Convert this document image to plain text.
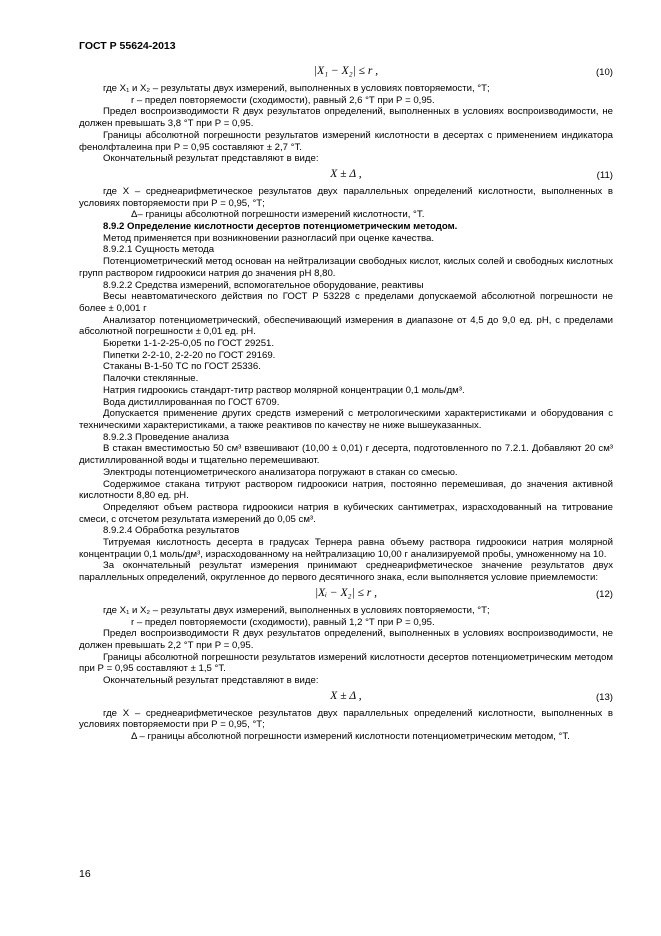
ГОСТ Р 55624-2013
|X₁ − X₂| ≤ r ,	(10)

где X₁ и X₂ – результаты двух измерений, выполненных в условиях повторяемости, °Т;

r – предел повторяемости (сходимости), равный 2,6 °Т при Р = 0,95.

Предел воспроизводимости R двух результатов определений, выполненных в условиях воспроизводимости, не должен превышать 3,8 °Т при Р = 0,95.

Границы абсолютной погрешности результатов измерений кислотности в десертах с применением индикатора фенолфталеина при Р = 0,95 составляют ± 2,7 °Т.

Окончательный результат представляют в виде:

X ± Δ ,	(11)

где X – среднеарифметическое результатов двух параллельных определений кислотности, выполненных в условиях повторяемости при Р = 0,95, °Т;

Δ– границы абсолютной погрешности измерений кислотности, °Т.

8.9.2 Определение кислотности десертов потенциометрическим методом.

Метод применяется при возникновении разногласий при оценке качества.

8.9.2.1 Сущность метода

Потенциометрический метод основан на нейтрализации свободных кислот, кислых солей и свободных кислотных групп раствором гидроокиси натрия до значения рН 8,80.

8.9.2.2 Средства измерений, вспомогательное оборудование, реактивы

Весы неавтоматического действия по ГОСТ Р 53228 с пределами допускаемой абсолютной погрешности не более ± 0,001 г

Анализатор потенциометрический, обеспечивающий измерения в диапазоне от 4,5 до 9,0 ед. рН, с пределами абсолютной погрешности ± 0,01 ед. рН.

Бюретки 1-1-2-25-0,05 по ГОСТ 29251.

Пипетки 2-2-10, 2-2-20 по ГОСТ 29169.

Стаканы В-1-50 ТС по ГОСТ 25336.

Палочки стеклянные.

Натрия гидроокись стандарт-титр раствор молярной концентрации 0,1 моль/дм³.

Вода дистиллированная по ГОСТ 6709.

Допускается применение других средств измерений с метрологическими характеристиками и оборудования с техническими характеристиками, а также реактивов по качеству не ниже вышеуказанных.

8.9.2.3 Проведение анализа

В стакан вместимостью 50 см³ взвешивают (10,00 ± 0,01) г десерта, подготовленного по 7.2.1. Добавляют 20 см³ дистиллированной воды и тщательно перемешивают.

Электроды потенциометрического анализатора погружают в стакан со смесью.

Содержимое стакана титруют раствором гидроокиси натрия, постоянно перемешивая, до значения активной кислотности 8,80 ед. рН.

Определяют объем раствора гидроокиси натрия в кубических сантиметрах, израсходованный на титрование смеси, с отсчетом результата измерений до 0,05 см³.

8.9.2.4 Обработка результатов

Титруемая кислотность десерта в градусах Тернера равна объему раствора гидроокиси натрия молярной концентрации 0,1 моль/дм³, израсходованному на нейтрализацию 10,00 г анализируемой пробы, умноженному на 10.

За окончательный результат измерения принимают среднеарифметическое значение результатов двух параллельных определений, округленное до первого десятичного знака, если выполняется условие приемлемости:

|Xᵢ − X₂| ≤ r ,	(12)

где X₁ и X₂ – результаты двух измерений, выполненных в условиях повторяемости, °Т;

r – предел повторяемости (сходимости), равный 1,2 °Т при Р = 0,95.

Предел воспроизводимости R двух результатов определений, выполненных в условиях воспроизводимости, не должен превышать 2,2 °Т при Р = 0,95.

Границы абсолютной погрешности результатов измерений кислотности десертов потенциометрическим методом при Р = 0,95 составляют ± 1,5 °Т.

Окончательный результат представляют в виде:

X ± Δ ,	(13)

где X – среднеарифметическое результатов двух параллельных определений кислотности, выполненных в условиях повторяемости при Р = 0,95, °Т;

Δ – границы абсолютной погрешности измерений кислотности потенциометрическим методом, °Т.

16
